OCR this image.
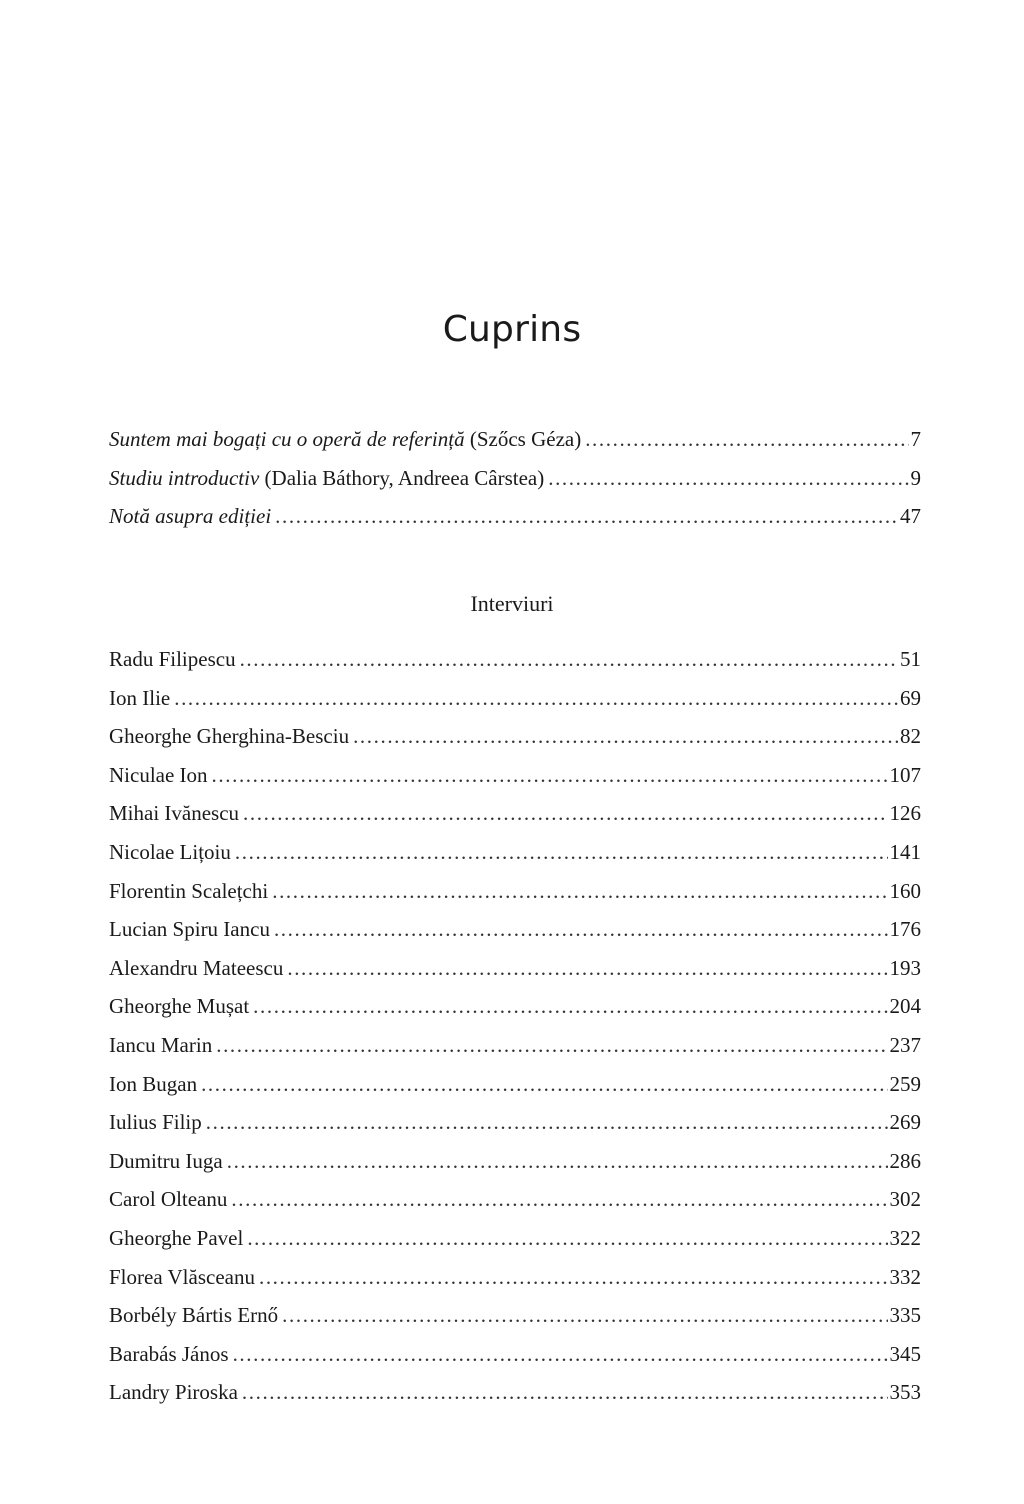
Cuprins
Suntem mai bogați cu o operă de referință (Szőcs Géza) .....	7
Studiu introductiv (Dalia Báthory, Andreea Cârstea) .....	9
Notă asupra ediției .....	47
Interviuri
Radu Filipescu .....	51
Ion Ilie .....	69
Gheorghe Gherghina-Besciu .....	82
Niculae Ion .....	107
Mihai Ivănescu .....	126
Nicolae Lițoiu .....	141
Florentin Scalețchi .....	160
Lucian Spiru Iancu .....	176
Alexandru Mateescu .....	193
Gheorghe Mușat .....	204
Iancu Marin .....	237
Ion Bugan .....	259
Iulius Filip .....	269
Dumitru Iuga .....	286
Carol Olteanu .....	302
Gheorghe Pavel .....	322
Florea Vlăsceanu .....	332
Borbély Bártis Ernő .....	335
Barabás János .....	345
Landry Piroska .....	353
